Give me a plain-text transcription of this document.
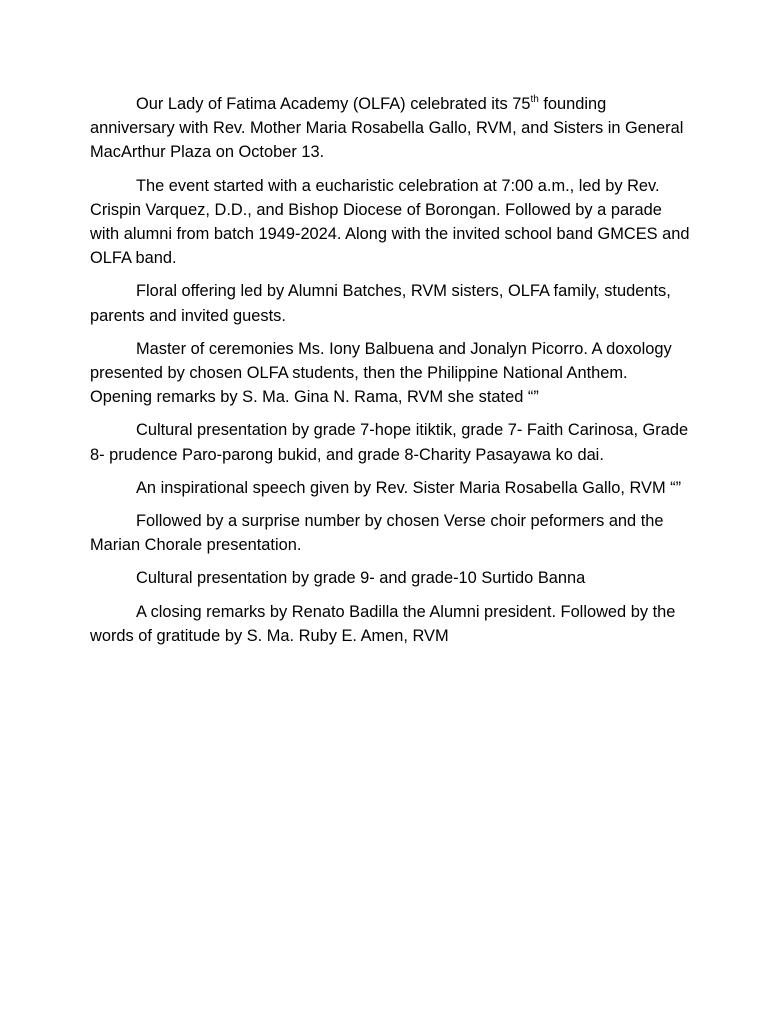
Our Lady of Fatima Academy (OLFA) celebrated its 75th founding anniversary with Rev. Mother Maria Rosabella Gallo, RVM, and Sisters in General MacArthur Plaza on October 13.

The event started with a eucharistic celebration at 7:00 a.m., led by Rev. Crispin Varquez, D.D., and Bishop Diocese of Borongan. Followed by a parade with alumni from batch 1949-2024. Along with the invited school band GMCES and OLFA band.

Floral offering led by Alumni Batches, RVM sisters, OLFA family, students, parents and invited guests.

Master of ceremonies Ms. Iony Balbuena and Jonalyn Picorro. A doxology presented by chosen OLFA students, then the Philippine National Anthem. Opening remarks by S. Ma. Gina N. Rama, RVM she stated “”

Cultural presentation by grade 7-hope itiktik, grade 7- Faith Carinosa, Grade 8- prudence Paro-parong bukid, and grade 8-Charity Pasayawa ko dai.

An inspirational speech given by Rev. Sister Maria Rosabella Gallo, RVM “”

Followed by a surprise number by chosen Verse choir peformers and the Marian Chorale presentation.

Cultural presentation by grade 9- and grade-10 Surtido Banna

A closing remarks by Renato Badilla the Alumni president. Followed by the words of gratitude by S. Ma. Ruby E. Amen, RVM
